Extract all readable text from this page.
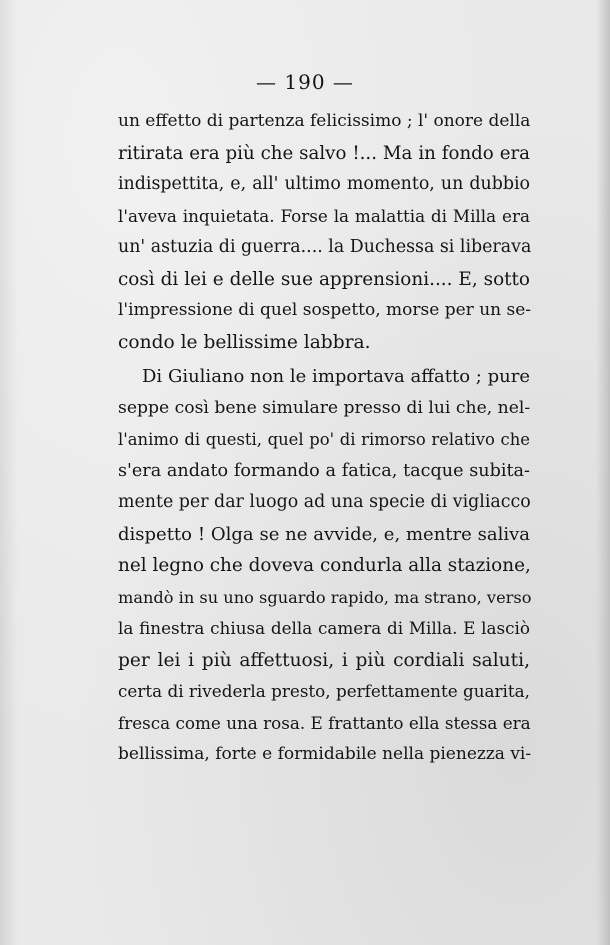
— 190 —
un effetto di partenza felicissimo ; l' onore della
ritirata era più che salvo !... Ma in fondo era
indispettita, e, all' ultimo momento, un dubbio
l'aveva inquietata. Forse la malattia di Milla era
un' astuzia di guerra.... la Duchessa si liberava
così di lei e delle sue apprensioni.... E, sotto
l'impressione di quel sospetto, morse per un se-
condo le bellissime labbra.
Di Giuliano non le importava affatto ; pure
seppe così bene simulare presso di lui che, nel-
l'animo di questi, quel po' di rimorso relativo che
s'era andato formando a fatica, tacque subita-
mente per dar luogo ad una specie di vigliacco
dispetto ! Olga se ne avvide, e, mentre saliva
nel legno che doveva condurla alla stazione,
mandò in su uno sguardo rapido, ma strano, verso
la finestra chiusa della camera di Milla. E lasciò
per lei i più affettuosi, i più cordiali saluti,
certa di rivederla presto, perfettamente guarita,
fresca come una rosa. E frattanto ella stessa era
bellissima, forte e formidabile nella pienezza vi-
